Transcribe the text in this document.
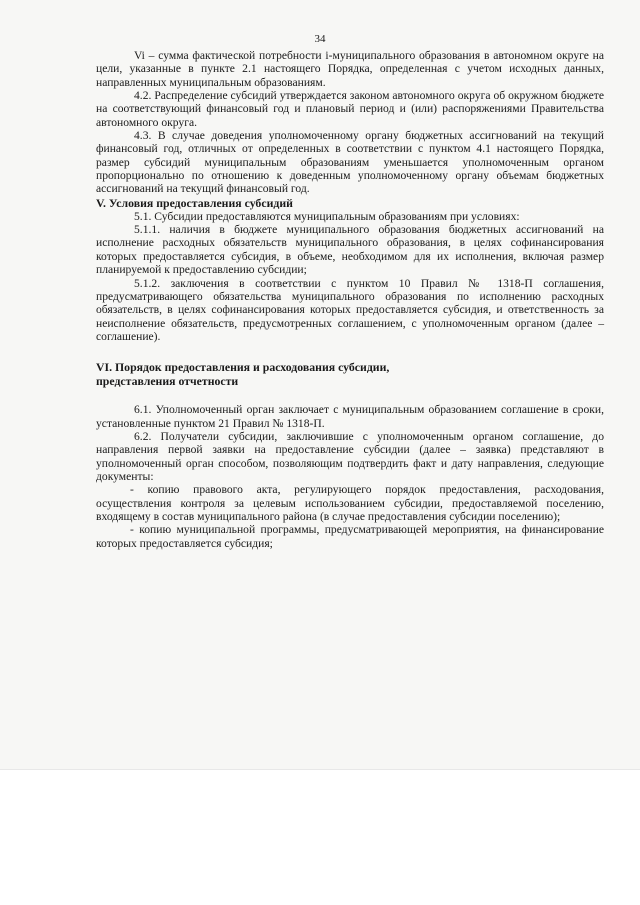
34

Vi – сумма фактической потребности i-муниципального образования в автономном округе на цели, указанные в пункте 2.1 настоящего Порядка, определенная с учетом исходных данных, направленных муниципальным образованиям.

4.2. Распределение субсидий утверждается законом автономного округа об окружном бюджете на соответствующий финансовый год и плановый период и (или) распоряжениями Правительства автономного округа.

4.3. В случае доведения уполномоченному органу бюджетных ассигнований на текущий финансовый год, отличных от определенных в соответствии с пунктом 4.1 настоящего Порядка, размер субсидий муниципальным образованиям уменьшается уполномоченным органом пропорционально по отношению к доведенным уполномоченному органу объемам бюджетных ассигнований на текущий финансовый год.

V. Условия предоставления субсидий

5.1. Субсидии предоставляются муниципальным образованиям при условиях:

5.1.1. наличия в бюджете муниципального образования бюджетных ассигнований на исполнение расходных обязательств муниципального образования, в целях софинансирования которых предоставляется субсидия, в объеме, необходимом для их исполнения, включая размер планируемой к предоставлению субсидии;

5.1.2. заключения в соответствии с пунктом 10 Правил № 1318-П соглашения, предусматривающего обязательства муниципального образования по исполнению расходных обязательств, в целях софинансирования которых предоставляется субсидия, и ответственность за неисполнение обязательств, предусмотренных соглашением, с уполномоченным органом (далее – соглашение).

VI. Порядок предоставления и расходования субсидии,

представления отчетности

6.1. Уполномоченный орган заключает с муниципальным образованием соглашение в сроки, установленные пунктом 21 Правил № 1318-П.

6.2. Получатели субсидии, заключившие с уполномоченным органом соглашение, до направления первой заявки на предоставление субсидии (далее – заявка) представляют в уполномоченный орган способом, позволяющим подтвердить факт и дату направления, следующие документы:

- копию правового акта, регулирующего порядок предоставления, расходования, осуществления контроля за целевым использованием субсидии, предоставляемой поселению, входящему в состав муниципального района (в случае предоставления субсидии поселению);

- копию муниципальной программы, предусматривающей мероприятия, на финансирование которых предоставляется субсидия;
